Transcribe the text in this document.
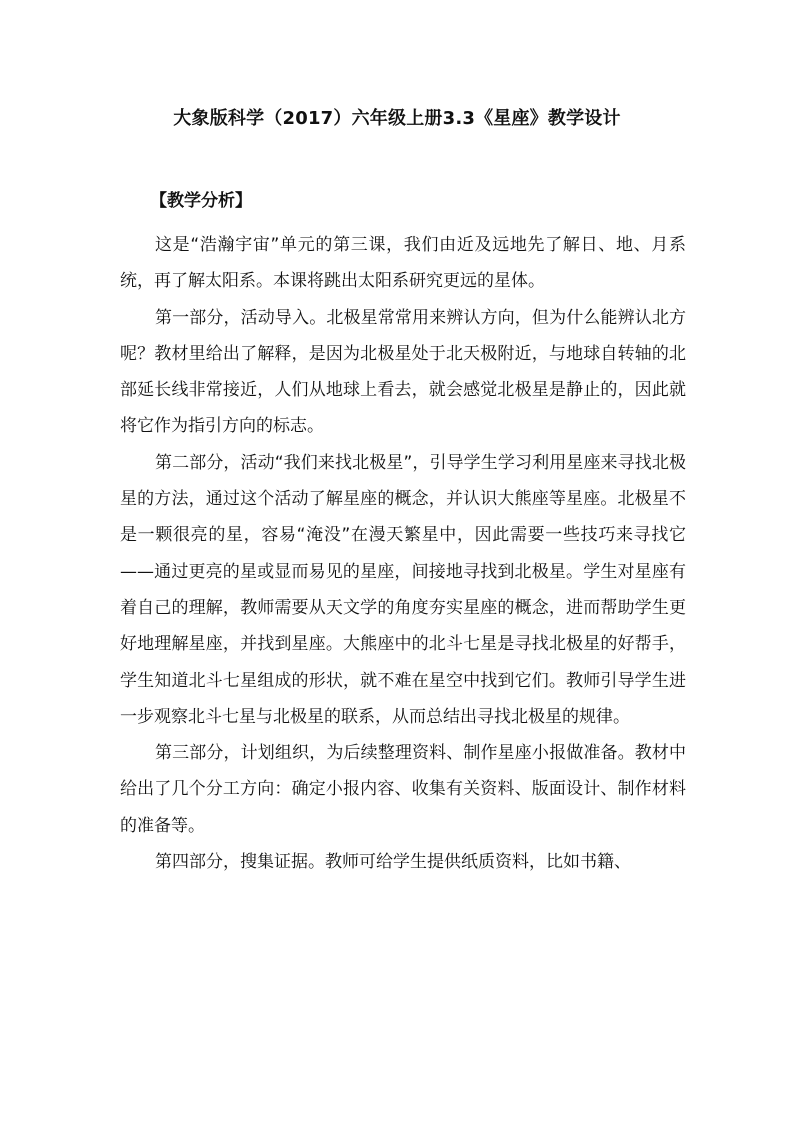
大象版科学（2017）六年级上册3.3《星座》教学设计
【教学分析】

这是“浩瀚宇宙”单元的第三课，我们由近及远地先了解日、地、月系统，再了解太阳系。本课将跳出太阳系研究更远的星体。

第一部分，活动导入。北极星常常用来辨认方向，但为什么能辨认北方呢？教材里给出了解释，是因为北极星处于北天极附近，与地球自转轴的北部延长线非常接近，人们从地球上看去，就会感觉北极星是静止的，因此就将它作为指引方向的标志。

第二部分，活动“我们来找北极星”，引导学生学习利用星座来寻找北极星的方法，通过这个活动了解星座的概念，并认识大熊座等星座。北极星不是一颗很亮的星，容易“淹没”在漫天繁星中，因此需要一些技巧来寻找它——通过更亮的星或显而易见的星座，间接地寻找到北极星。学生对星座有着自己的理解，教师需要从天文学的角度夯实星座的概念，进而帮助学生更好地理解星座，并找到星座。大熊座中的北斗七星是寻找北极星的好帮手，学生知道北斗七星组成的形状，就不难在星空中找到它们。教师引导学生进一步观察北斗七星与北极星的联系，从而总结出寻找北极星的规律。

第三部分，计划组织，为后续整理资料、制作星座小报做准备。教材中给出了几个分工方向：确定小报内容、收集有关资料、版面设计、制作材料的准备等。

第四部分，搜集证据。教师可给学生提供纸质资料，比如书籍、
